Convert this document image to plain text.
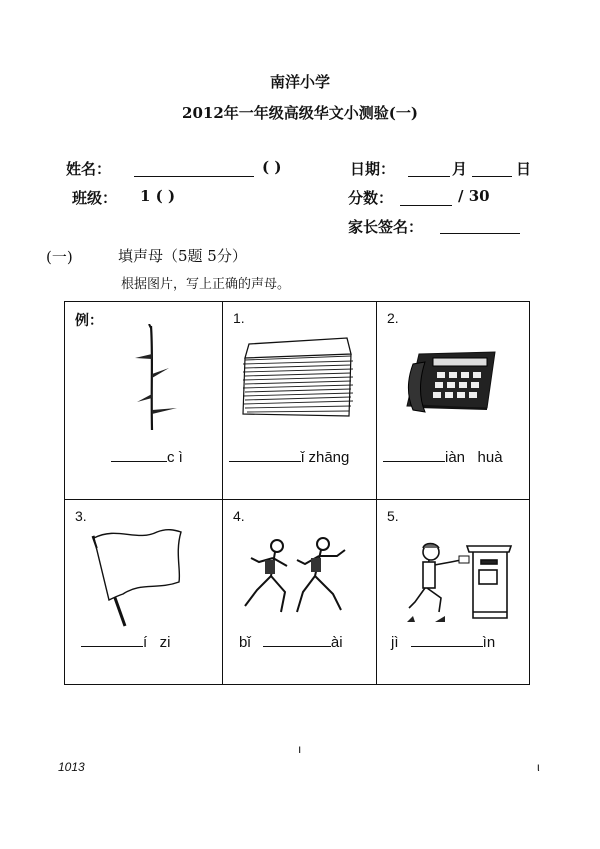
南洋小学
2012年一年级高级华文小测验(一)
姓名：	( )	日期：	月	日
班级： 1 ( )	分数：	/ 30
家长签名：
(一)	填声母（5题 5分）
根据图片，写上正确的声母。
例：
c ì
1.
ǐ zhāng
2.
iàn   huà
3.
í   zi
4.
bǐ	ài
5.
jì	ìn
1013
ı
ι
